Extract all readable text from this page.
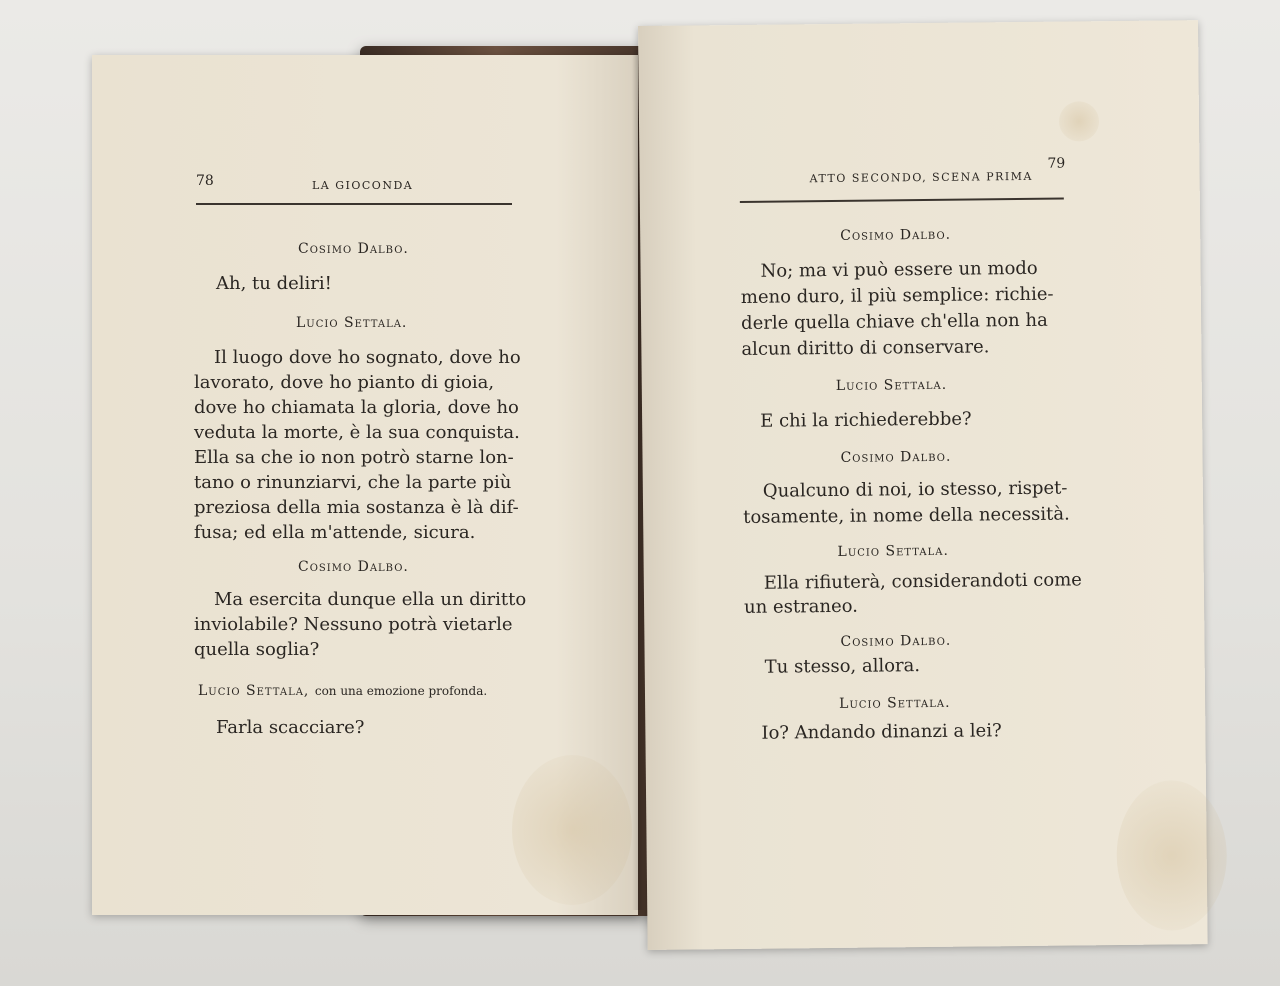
78	LA GIOCONDA
Cosimo Dalbo.
Ah, tu deliri!
Lucio Settala.
Il luogo dove ho sognato, dove ho
lavorato, dove ho pianto di gioia,
dove ho chiamata la gloria, dove ho
veduta la morte, è la sua conquista.
Ella sa che io non potrò starne lon-
tano o rinunziarvi, che la parte più
preziosa della mia sostanza è là dif-
fusa; ed ella m'attende, sicura.
Cosimo Dalbo.
Ma esercita dunque ella un diritto
inviolabile? Nessuno potrà vietarle
quella soglia?
Lucio Settala, con una emozione profonda.
Farla scacciare?
ATTO SECONDO, SCENA PRIMA
79
Cosimo Dalbo.
No; ma vi può essere un modo
meno duro, il più semplice: richie-
derle quella chiave ch'ella non ha
alcun diritto di conservare.
Lucio Settala.
E chi la richiederebbe?
Cosimo Dalbo.
Qualcuno di noi, io stesso, rispet-
tosamente, in nome della necessità.
Lucio Settala.
Ella rifiuterà, considerandoti come
un estraneo.
Cosimo Dalbo.
Tu stesso, allora.
Lucio Settala.
Io? Andando dinanzi a lei?
